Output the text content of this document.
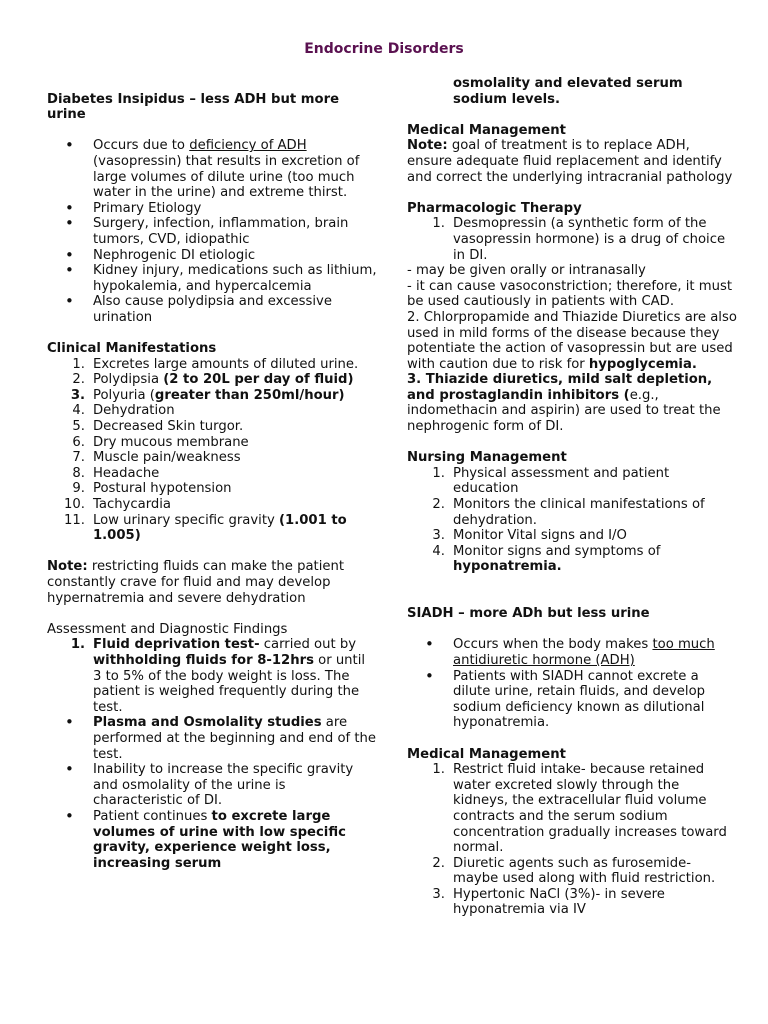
Endocrine Disorders
Diabetes Insipidus – less ADH but more urine
• Occurs due to deficiency of ADH (vasopressin) that results in excretion of large volumes of dilute urine (too much water in the urine) and extreme thirst.
• Primary Etiology
• Surgery, infection, inflammation, brain tumors, CVD, idiopathic
• Nephrogenic DI etiologic
• Kidney injury, medications such as lithium, hypokalemia, and hypercalcemia
• Also cause polydipsia and excessive urination
Clinical Manifestations
1. Excretes large amounts of diluted urine.
2. Polydipsia (2 to 20L per day of fluid)
3. Polyuria (greater than 250ml/hour)
4. Dehydration
5. Decreased Skin turgor.
6. Dry mucous membrane
7. Muscle pain/weakness
8. Headache
9. Postural hypotension
10. Tachycardia
11. Low urinary specific gravity (1.001 to 1.005)
Note: restricting fluids can make the patient constantly crave for fluid and may develop hypernatremia and severe dehydration
Assessment and Diagnostic Findings
1. Fluid deprivation test- carried out by withholding fluids for 8-12hrs or until 3 to 5% of the body weight is loss. The patient is weighed frequently during the test.
• Plasma and Osmolality studies are performed at the beginning and end of the test.
• Inability to increase the specific gravity and osmolality of the urine is characteristic of DI.
• Patient continues to excrete large volumes of urine with low specific gravity, experience weight loss, increasing serum
osmolality and elevated serum sodium levels.
Medical Management
Note: goal of treatment is to replace ADH, ensure adequate fluid replacement and identify and correct the underlying intracranial pathology
Pharmacologic Therapy
1. Desmopressin (a synthetic form of the vasopressin hormone) is a drug of choice in DI.
- may be given orally or intranasally
- it can cause vasoconstriction; therefore, it must be used cautiously in patients with CAD.
2. Chlorpropamide and Thiazide Diuretics are also used in mild forms of the disease because they potentiate the action of vasopressin but are used with caution due to risk for hypoglycemia.
3. Thiazide diuretics, mild salt depletion, and prostaglandin inhibitors (e.g., indomethacin and aspirin) are used to treat the nephrogenic form of DI.
Nursing Management
1. Physical assessment and patient education
2. Monitors the clinical manifestations of dehydration.
3. Monitor Vital signs and I/O
4. Monitor signs and symptoms of hyponatremia.
SIADH – more ADh but less urine
• Occurs when the body makes too much antidiuretic hormone (ADH)
• Patients with SIADH cannot excrete a dilute urine, retain fluids, and develop sodium deficiency known as dilutional hyponatremia.
Medical Management
1. Restrict fluid intake- because retained water excreted slowly through the kidneys, the extracellular fluid volume contracts and the serum sodium concentration gradually increases toward normal.
2. Diuretic agents such as furosemide- maybe used along with fluid restriction.
3. Hypertonic NaCl (3%)- in severe hyponatremia via IV
